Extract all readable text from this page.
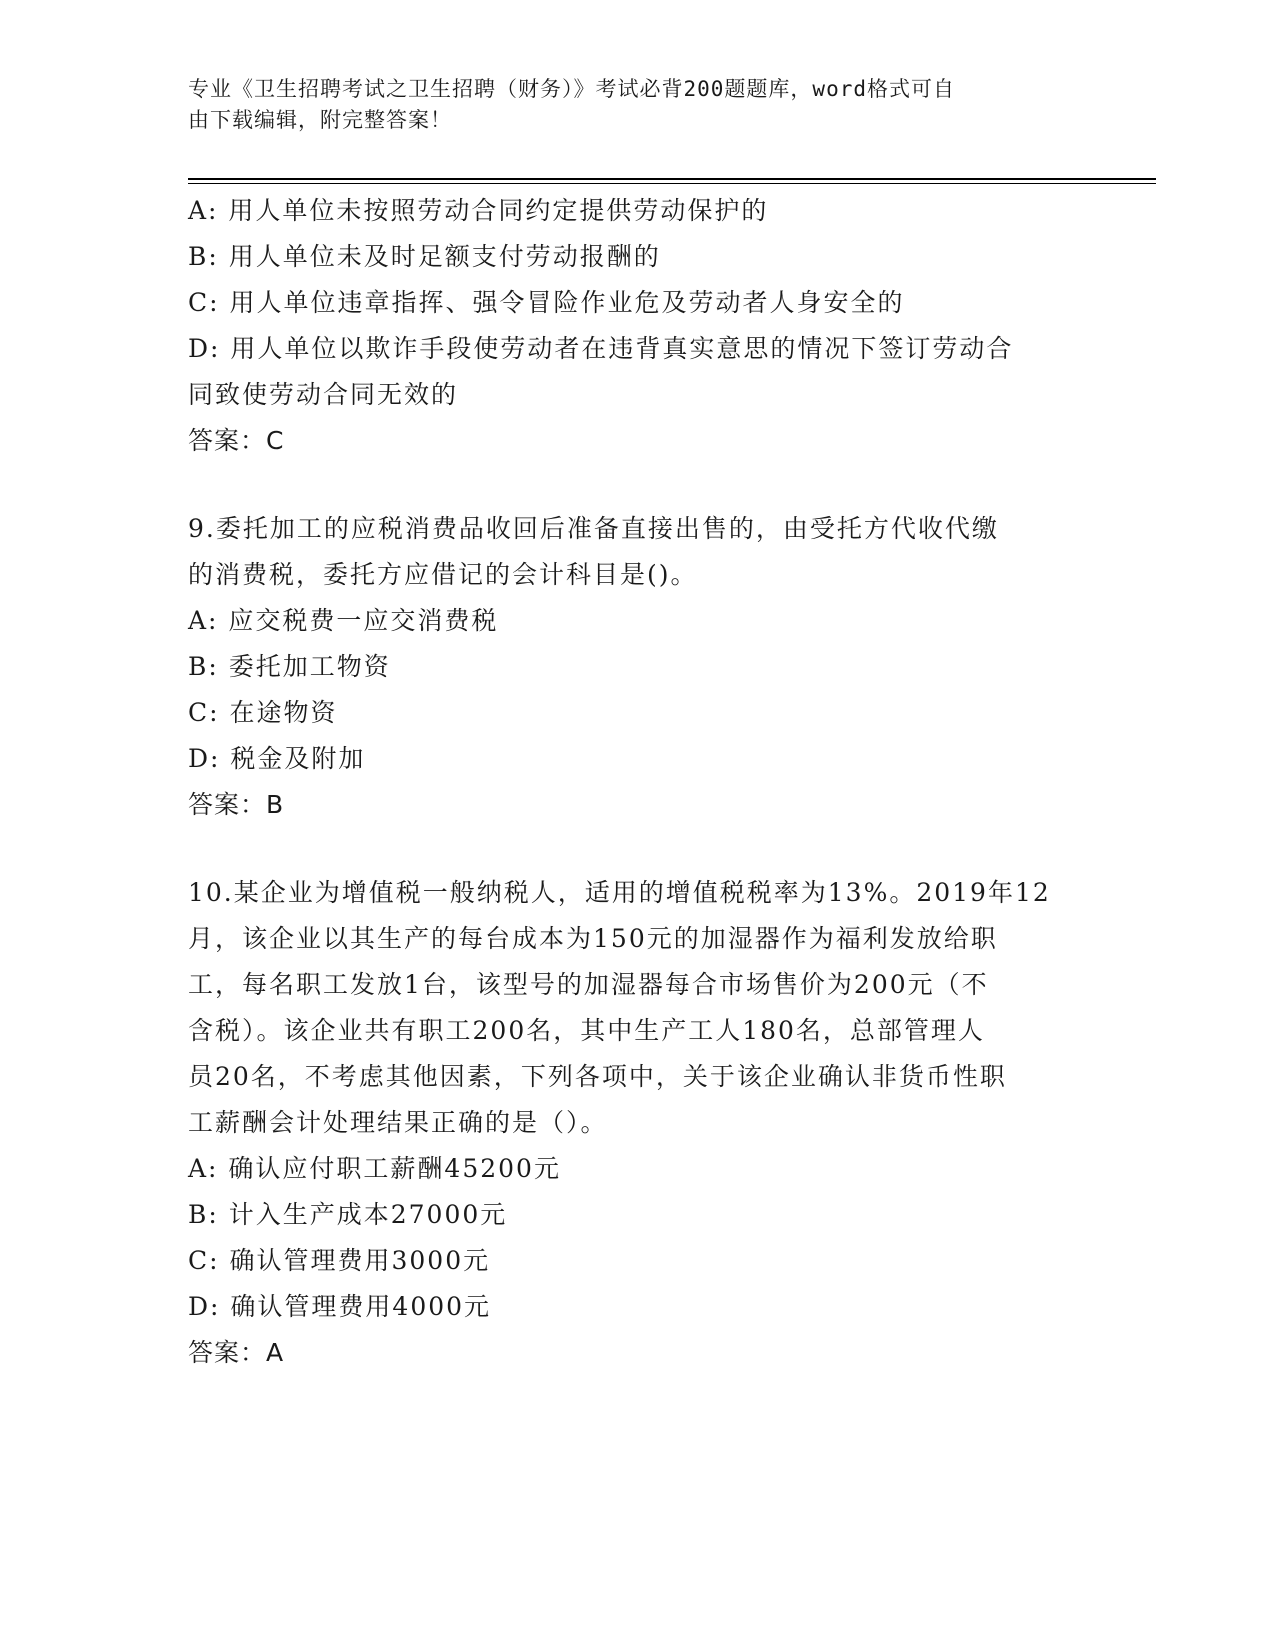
专业《卫生招聘考试之卫生招聘（财务）》考试必背200题题库，word格式可自
由下载编辑，附完整答案！

A: 用人单位未按照劳动合同约定提供劳动保护的

B: 用人单位未及时足额支付劳动报酬的

C: 用人单位违章指挥、强令冒险作业危及劳动者人身安全的

D: 用人单位以欺诈手段使劳动者在违背真实意思的情况下签订劳动合

同致使劳动合同无效的

答案：C

9.委托加工的应税消费品收回后准备直接出售的，由受托方代收代缴

的消费税，委托方应借记的会计科目是()。

A: 应交税费一应交消费税

B: 委托加工物资

C: 在途物资

D: 税金及附加

答案：B

10.某企业为增值税一般纳税人，适用的增值税税率为13%。2019年12

月，该企业以其生产的每台成本为150元的加湿器作为福利发放给职

工，每名职工发放1台，该型号的加湿器每合市场售价为200元（不

含税）。该企业共有职工200名，其中生产工人180名，总部管理人

员20名，不考虑其他因素，下列各项中，关于该企业确认非货币性职

工薪酬会计处理结果正确的是（）。

A: 确认应付职工薪酬45200元

B: 计入生产成本27000元

C: 确认管理费用3000元

D: 确认管理费用4000元

答案：A
